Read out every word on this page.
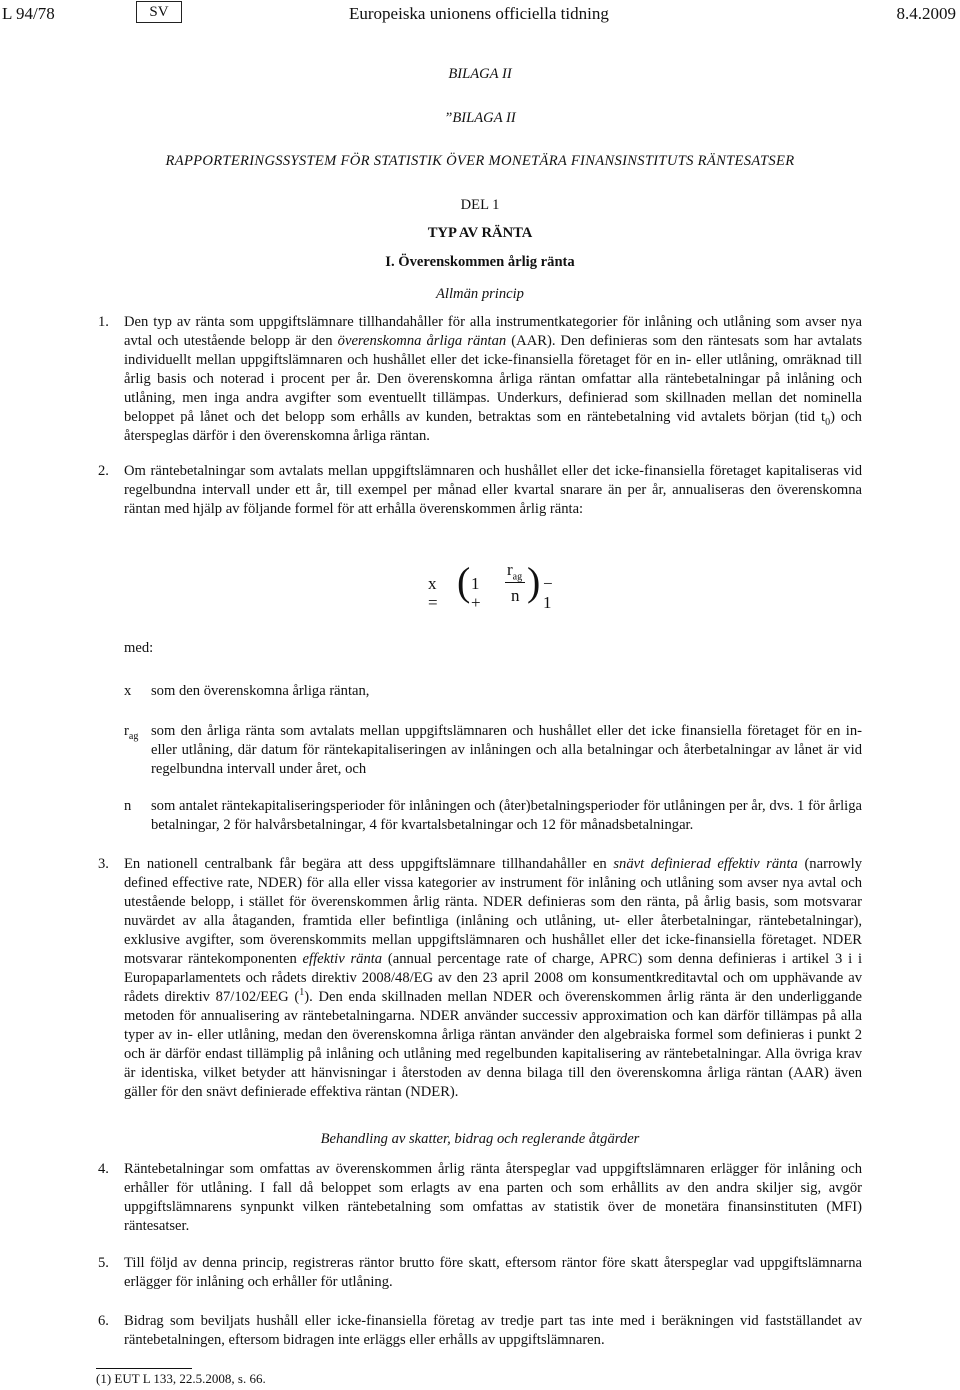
L 94/78	SV	Europeiska unionens officiella tidning	8.4.2009
BILAGA II
”BILAGA II
RAPPORTERINGSSYSTEM FÖR STATISTIK ÖVER MONETÄRA FINANSINSTITUTS RÄNTESATSER
DEL 1
TYP AV RÄNTA
I. Överenskommen årlig ränta
Allmän princip
1. Den typ av ränta som uppgiftslämnare tillhandahåller för alla instrumentkategorier för inlåning och utlåning som avser nya avtal och utestående belopp är den överenskomna årliga räntan (AAR). Den definieras som den räntesats som har avtalats individuellt mellan uppgiftslämnaren och hushållet eller det icke-finansiella företaget för en in- eller utlåning, omräknad till årlig basis och noterad i procent per år. Den överenskomna årliga räntan omfattar alla räntebetalningar på inlåning och utlåning, men inga andra avgifter som eventuellt tillämpas. Underkurs, definierad som skillnaden mellan det nominella beloppet på lånet och det belopp som erhålls av kunden, betraktas som en räntebetalning vid avtalets början (tid $t_0$) och återspeglas därför i den överenskomna årliga räntan.
2. Om räntebetalningar som avtalats mellan uppgiftslämnaren och hushållet eller det icke-finansiella företaget kapitaliseras vid regelbundna intervall under ett år, till exempel per månad eller kvartal snarare än per år, annualiseras den överenskomna räntan med hjälp av följande formel för att erhålla överenskommen årlig ränta:
x = ( 1 +
$r_{ag}$
n ) − 1
med:
x som den överenskomna årliga räntan,
$r_{ag}$ som den årliga ränta som avtalats mellan uppgiftslämnaren och hushållet eller det icke finansiella företaget för en in- eller utlåning, där datum för räntekapitaliseringen av inlåningen och alla betalningar och återbetalningar av lånet är vid regelbundna intervall under året, och
n som antalet räntekapitaliseringsperioder för inlåningen och (åter)betalningsperioder för utlåningen per år, dvs. 1 för årliga betalningar, 2 för halvårsbetalningar, 4 för kvartalsbetalningar och 12 för månadsbetalningar.
3. En nationell centralbank får begära att dess uppgiftslämnare tillhandahåller en snävt definierad effektiv ränta (narrowly defined effective rate, NDER) för alla eller vissa kategorier av instrument för inlåning och utlåning som avser nya avtal och utestående belopp, i stället för överenskommen årlig ränta. NDER definieras som den ränta, på årlig basis, som motsvarar nuvärdet av alla åtaganden, framtida eller befintliga (inlåning och utlåning, ut- eller återbetalningar, räntebetalningar), exklusive avgifter, som överenskommits mellan uppgiftslämnaren och hushållet eller det icke-finansiella företaget. NDER motsvarar räntekomponenten effektiv ränta (annual percentage rate of charge, APRC) som denna definieras i artikel 3 i i Europaparlamentets och rådets direktiv 2008/48/EG av den 23 april 2008 om konsumentkreditavtal och om upphävande av rådets direktiv 87/102/EEG ($^1$). Den enda skillnaden mellan NDER och överenskommen årlig ränta är den underliggande metoden för annualisering av räntebetalningarna. NDER använder successiv approximation och kan därför tillämpas på alla typer av in- eller utlåning, medan den överenskomna årliga räntan använder den algebraiska formel som definieras i punkt 2 och är därför endast tillämplig på inlåning och utlåning med regelbunden kapitalisering av räntebetalningar. Alla övriga krav är identiska, vilket betyder att hänvisningar i återstoden av denna bilaga till den överenskomna årliga räntan (AAR) även gäller för den snävt definierade effektiva räntan (NDER).
Behandling av skatter, bidrag och reglerande åtgärder
4. Räntebetalningar som omfattas av överenskommen årlig ränta återspeglar vad uppgiftslämnaren erlägger för inlåning och erhåller för utlåning. I fall då beloppet som erlagts av ena parten och som erhållits av den andra skiljer sig, avgör uppgiftslämnarens synpunkt vilken räntebetalning som omfattas av statistik över de monetära finansinstituten (MFI) räntesatser.
5. Till följd av denna princip, registreras räntor brutto före skatt, eftersom räntor före skatt återspeglar vad uppgiftslämnarna erlägger för inlåning och erhåller för utlåning.
6. Bidrag som beviljats hushåll eller icke-finansiella företag av tredje part tas inte med i beräkningen vid fastställandet av räntebetalningen, eftersom bidragen inte erläggs eller erhålls av uppgiftslämnaren.
(1) EUT L 133, 22.5.2008, s. 66.
